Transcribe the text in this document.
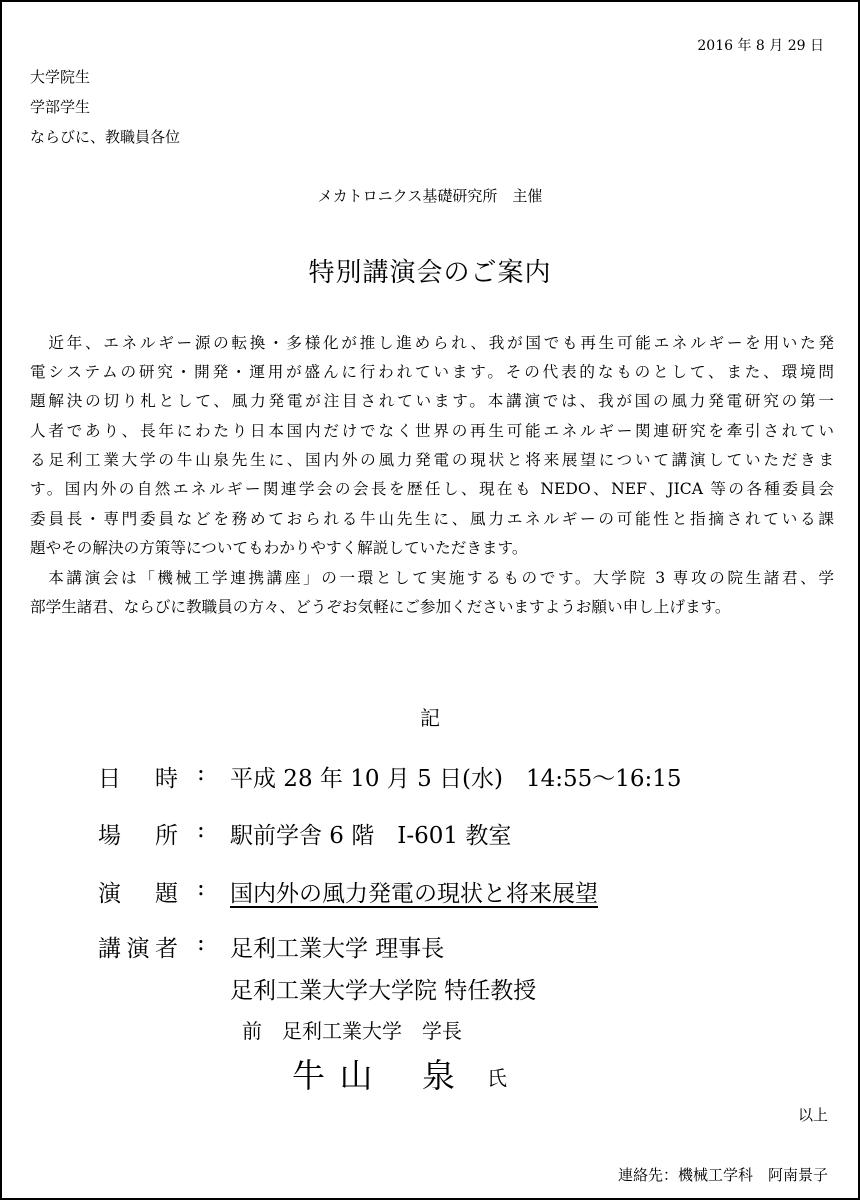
2016 年 8 月 29 日
大学院生
学部学生
ならびに、教職員各位
メカトロニクス基礎研究所　主催
特別講演会のご案内
　近年、エネルギー源の転換・多様化が推し進められ、我が国でも再生可能エネルギーを用いた発
電システムの研究・開発・運用が盛んに行われています。その代表的なものとして、また、環境問
題解決の切り札として、風力発電が注目されています。本講演では、我が国の風力発電研究の第一
人者であり、長年にわたり日本国内だけでなく世界の再生可能エネルギー関連研究を牽引されてい
る足利工業大学の牛山泉先生に、国内外の風力発電の現状と将来展望について講演していただきま
す。国内外の自然エネルギー関連学会の会長を歴任し、現在も NEDO、NEF、JICA 等の各種委員会
委員長・専門委員などを務めておられる牛山先生に、風力エネルギーの可能性と指摘されている課
題やその解決の方策等についてもわかりやすく解説していただきます。
　本講演会は「機械工学連携講座」の一環として実施するものです。大学院 3 専攻の院生諸君、学
部学生諸君、ならびに教職員の方々、どうぞお気軽にご参加くださいますようお願い申し上げます。
記
日時 : 平成 28 年 10 月 5 日(水)　14:55～16:15
場所 : 駅前学舎 6 階　I-601 教室
演題 : 国内外の風力発電の現状と将来展望
講演者 : 足利工業大学 理事長
足利工業大学大学院 特任教授
前　足利工業大学　学長
牛 山　 泉 氏
以上
連絡先：機械工学科　阿南景子
